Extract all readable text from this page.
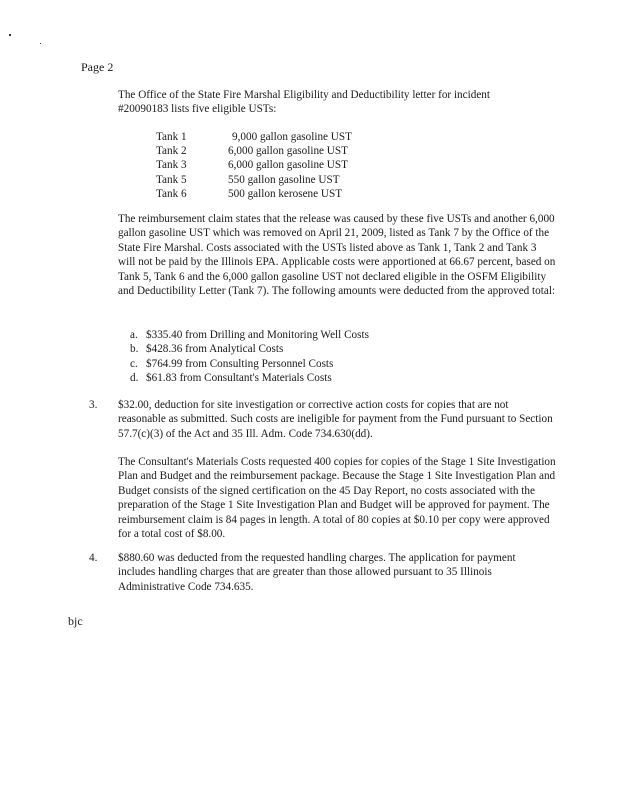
Page 2

The Office of the State Fire Marshal Eligibility and Deductibility letter for incident #20090183 lists five eligible USTs:

Tank 1	9,000 gallon gasoline UST
Tank 2	6,000 gallon gasoline UST
Tank 3	6,000 gallon gasoline UST
Tank 5	550 gallon gasoline UST
Tank 6	500 gallon kerosene UST

The reimbursement claim states that the release was caused by these five USTs and another 6,000 gallon gasoline UST which was removed on April 21, 2009, listed as Tank 7 by the Office of the State Fire Marshal. Costs associated with the USTs listed above as Tank 1, Tank 2 and Tank 3 will not be paid by the Illinois EPA. Applicable costs were apportioned at 66.67 percent, based on Tank 5, Tank 6 and the 6,000 gallon gasoline UST not declared eligible in the OSFM Eligibility and Deductibility Letter (Tank 7). The following amounts were deducted from the approved total:

a. $335.40 from Drilling and Monitoring Well Costs
b. $428.36 from Analytical Costs
c. $764.99 from Consulting Personnel Costs
d. $61.83 from Consultant's Materials Costs
3. $32.00, deduction for site investigation or corrective action costs for copies that are not reasonable as submitted. Such costs are ineligible for payment from the Fund pursuant to Section 57.7(c)(3) of the Act and 35 Ill. Adm. Code 734.630(dd).

The Consultant's Materials Costs requested 400 copies for copies of the Stage 1 Site Investigation Plan and Budget and the reimbursement package. Because the Stage 1 Site Investigation Plan and Budget consists of the signed certification on the 45 Day Report, no costs associated with the preparation of the Stage 1 Site Investigation Plan and Budget will be approved for payment. The reimbursement claim is 84 pages in length. A total of 80 copies at $0.10 per copy were approved for a total cost of $8.00.

4. $880.60 was deducted from the requested handling charges. The application for payment includes handling charges that are greater than those allowed pursuant to 35 Illinois Administrative Code 734.635.
bjc
